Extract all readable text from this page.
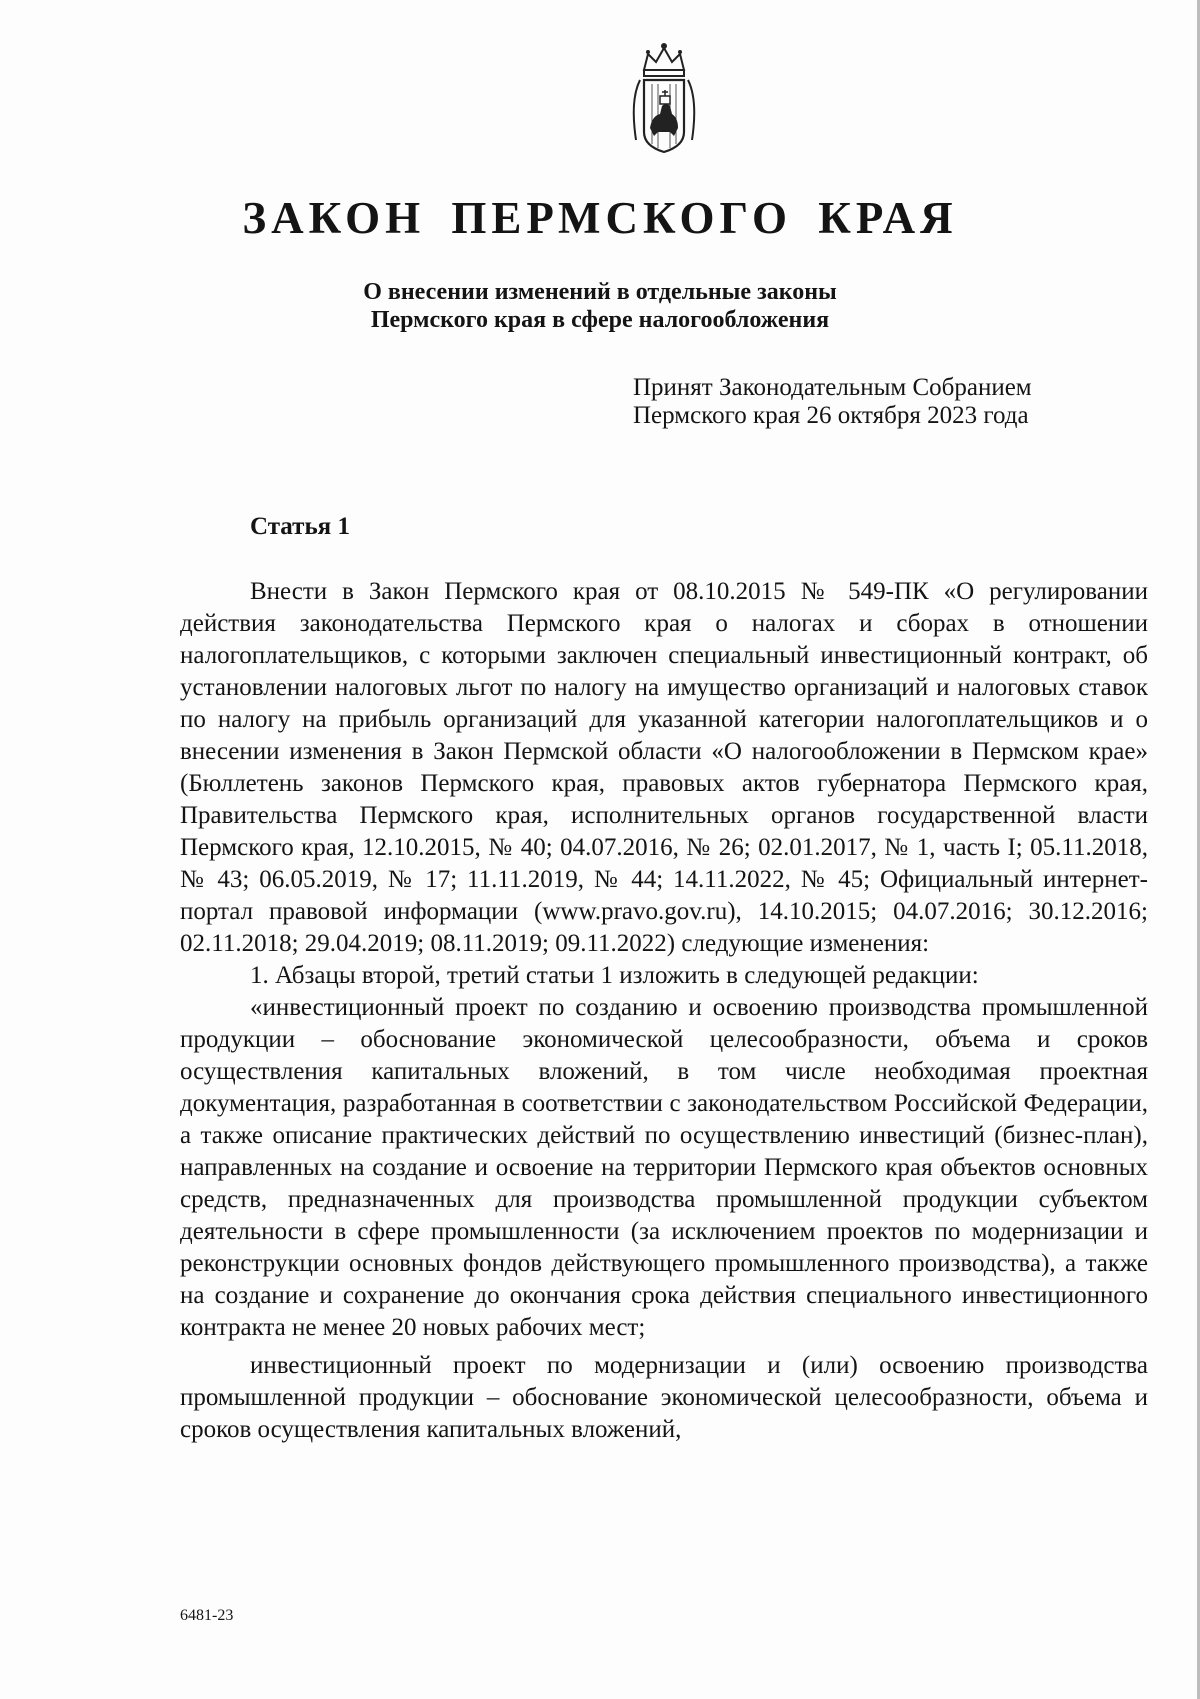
ЗАКОН ПЕРМСКОГО КРАЯ
О внесении изменений в отдельные законы
Пермского края в сфере налогообложения
Принят Законодательным Собранием
Пермского края 26 октября 2023 года
Статья 1

Внести в Закон Пермского края от 08.10.2015 № 549-ПК «О регулировании действия законодательства Пермского края о налогах и сборах в отношении налогоплательщиков, с которыми заключен специальный инвестиционный контракт, об установлении налоговых льгот по налогу на имущество организаций и налоговых ставок по налогу на прибыль организаций для указанной категории налогоплательщиков и о внесении изменения в Закон Пермской области «О налогообложении в Пермском крае» (Бюллетень законов Пермского края, правовых актов губернатора Пермского края, Правительства Пермского края, исполнительных органов государственной власти Пермского края, 12.10.2015, № 40; 04.07.2016, № 26; 02.01.2017, № 1, часть I; 05.11.2018, № 43; 06.05.2019, № 17; 11.11.2019, № 44; 14.11.2022, № 45; Официальный интернет-портал правовой информации (www.pravo.gov.ru), 14.10.2015; 04.07.2016; 30.12.2016; 02.11.2018; 29.04.2019; 08.11.2019; 09.11.2022) следующие изменения:

1. Абзацы второй, третий статьи 1 изложить в следующей редакции:

«инвестиционный проект по созданию и освоению производства промышленной продукции – обоснование экономической целесообразности, объема и сроков осуществления капитальных вложений, в том числе необходимая проектная документация, разработанная в соответствии с законодательством Российской Федерации, а также описание практических действий по осуществлению инвестиций (бизнес-план), направленных на создание и освоение на территории Пермского края объектов основных средств, предназначенных для производства промышленной продукции субъектом деятельности в сфере промышленности (за исключением проектов по модернизации и реконструкции основных фондов действующего промышленного производства), а также на создание и сохранение до окончания срока действия специального инвестиционного контракта не менее 20 новых рабочих мест;

инвестиционный проект по модернизации и (или) освоению производства промышленной продукции – обоснование экономической целесообразности, объема и сроков осуществления капитальных вложений,

6481-23
